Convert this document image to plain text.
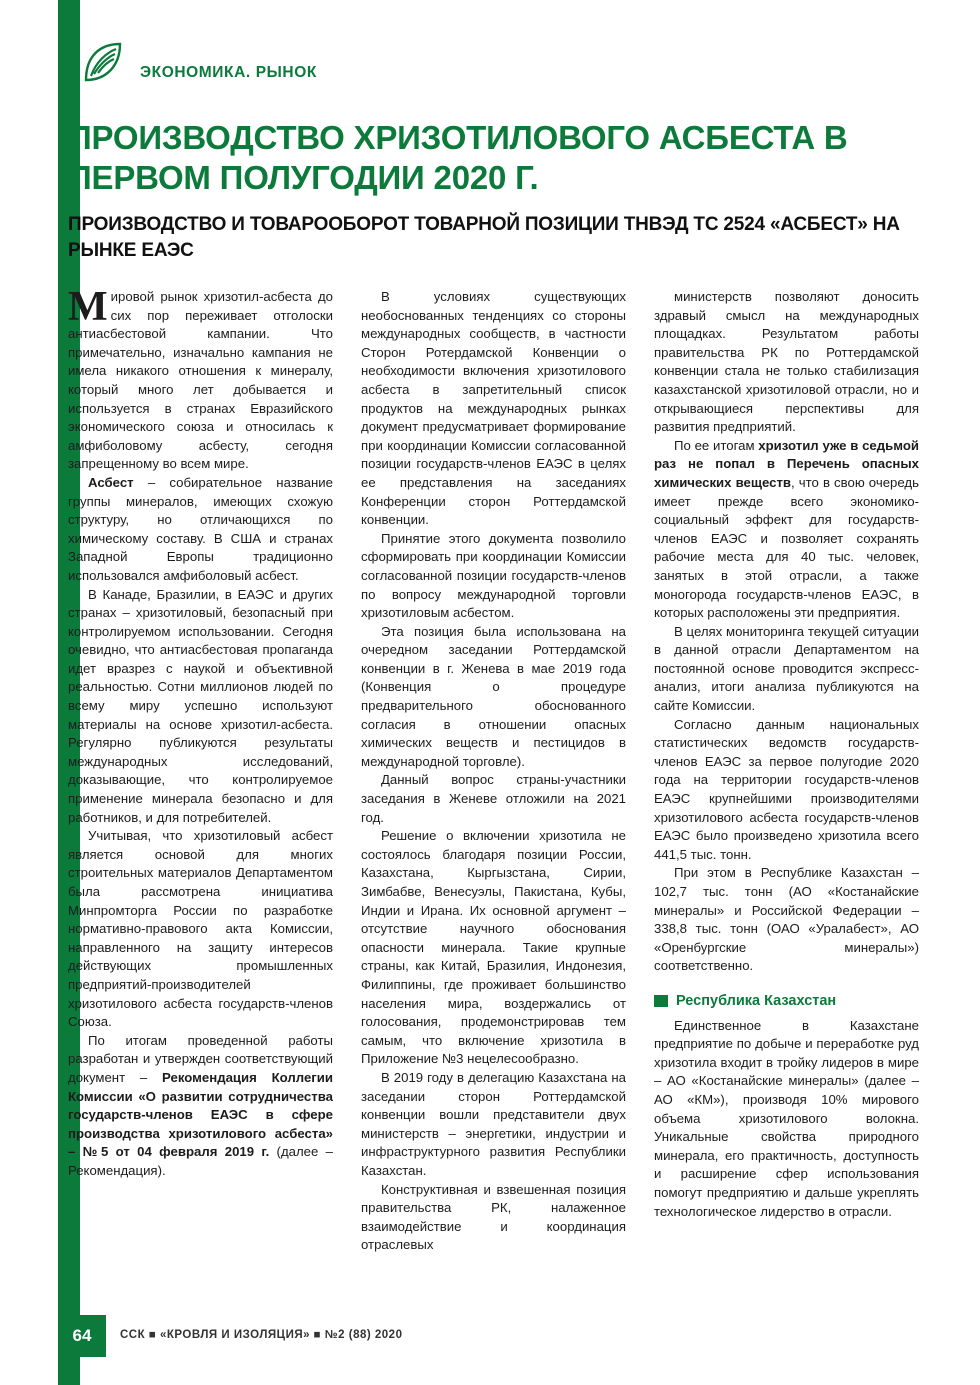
ЭКОНОМИКА. РЫНОК
ПРОИЗВОДСТВО ХРИЗОТИЛОВОГО АСБЕСТА В ПЕРВОМ ПОЛУГОДИИ 2020 Г.
ПРОИЗВОДСТВО И ТОВАРООБОРОТ ТОВАРНОЙ ПОЗИЦИИ ТНВЭД ТС 2524 «АСБЕСТ» НА РЫНКЕ ЕАЭС

Мировой рынок хризотил-асбеста до сих пор переживает отголоски антиасбестовой кампании. Что примечательно, изначально кампания не имела никакого отношения к минералу, который много лет добывается и используется в странах Евразийского экономического союза и относилась к амфиболовому асбесту, сегодня запрещенному во всем мире.

Асбест – собирательное название группы минералов, имеющих схожую структуру, но отличающихся по химическому составу. В США и странах Западной Европы традиционно использовался амфиболовый асбест.

В Канаде, Бразилии, в ЕАЭС и других странах – хризотиловый, безопасный при контролируемом использовании. Сегодня очевидно, что антиасбестовая пропаганда идет вразрез с наукой и объективной реальностью. Сотни миллионов людей по всему миру успешно используют материалы на основе хризотил-асбеста. Регулярно публикуются результаты международных исследований, доказывающие, что контролируемое применение минерала безопасно и для работников, и для потребителей.

Учитывая, что хризотиловый асбест является основой для многих строительных материалов Департаментом была рассмотрена инициатива Минпромторга России по разработке нормативно-правового акта Комиссии, направленного на защиту интересов действующих промышленных предприятий-производителей хризотилового асбеста государств-членов Союза.

По итогам проведенной работы разработан и утвержден соответствующий документ – Рекомендация Коллегии Комиссии «О развитии сотрудничества государств-членов ЕАЭС в сфере производства хризотилового асбеста» – №5 от 04 февраля 2019 г. (далее – Рекомендация).

В условиях существующих необоснованных тенденциях со стороны международных сообществ, в частности Сторон Ротердамской Конвенции о необходимости включения хризотилового асбеста в запретительный список продуктов на международных рынках документ предусматривает формирование при координации Комиссии согласованной позиции государств-членов ЕАЭС в целях ее представления на заседаниях Конференции сторон Роттердамской конвенции.

Принятие этого документа позволило сформировать при координации Комиссии согласованной позиции государств-членов по вопросу международной торговли хризотиловым асбестом.

Эта позиция была использована на очередном заседании Роттердамской конвенции в г. Женева в мае 2019 года (Конвенция о процедуре предварительного обоснованного согласия в отношении опасных химических веществ и пестицидов в международной торговле).

Данный вопрос страны-участники заседания в Женеве отложили на 2021 год.

Решение о включении хризотила не состоялось благодаря позиции России, Казахстана, Кыргызстана, Сирии, Зимбабве, Венесуэлы, Пакистана, Кубы, Индии и Ирана. Их основной аргумент – отсутствие научного обоснования опасности минерала. Такие крупные страны, как Китай, Бразилия, Индонезия, Филиппины, где проживает большинство населения мира, воздержались от голосования, продемонстрировав тем самым, что включение хризотила в Приложение №3 нецелесообразно.

В 2019 году в делегацию Казахстана на заседании сторон Роттердамской конвенции вошли представители двух министерств – энергетики, индустрии и инфраструктурного развития Республики Казахстан.

Конструктивная и взвешенная позиция правительства РК, налаженное взаимодействие и координация отраслевых

министерств позволяют доносить здравый смысл на международных площадках. Результатом работы правительства РК по Роттердамской конвенции стала не только стабилизация казахстанской хризотиловой отрасли, но и открывающиеся перспективы для развития предприятий.

По ее итогам хризотил уже в седьмой раз не попал в Перечень опасных химических веществ, что в свою очередь имеет прежде всего экономико-социальный эффект для государств-членов ЕАЭС и позволяет сохранять рабочие места для 40 тыс. человек, занятых в этой отрасли, а также моногорода государств-членов ЕАЭС, в которых расположены эти предприятия.

В целях мониторинга текущей ситуации в данной отрасли Департаментом на постоянной основе проводится экспресс-анализ, итоги анализа публикуются на сайте Комиссии.

Согласно данным национальных статистических ведомств государств-членов ЕАЭС за первое полугодие 2020 года на территории государств-членов ЕАЭС крупнейшими производителями хризотилового асбеста государств-членов ЕАЭС было произведено хризотила всего 441,5 тыс. тонн.

При этом в Республике Казахстан – 102,7 тыс. тонн (АО «Костанайские минералы» и Российской Федерации – 338,8 тыс. тонн (ОАО «Уралабест», АО «Оренбургские минералы») соответственно.

Республика Казахстан

Единственное в Казахстане предприятие по добыче и переработке руд хризотила входит в тройку лидеров в мире – АО «Костанайские минералы» (далее – АО «КМ»), производя 10% мирового объема хризотилового волокна. Уникальные свойства природного минерала, его практичность, доступность и расширение сфер использования помогут предприятию и дальше укреплять технологическое лидерство в отрасли.

64	ССК ■ «КРОВЛЯ И ИЗОЛЯЦИЯ» ■ №2 (88) 2020
